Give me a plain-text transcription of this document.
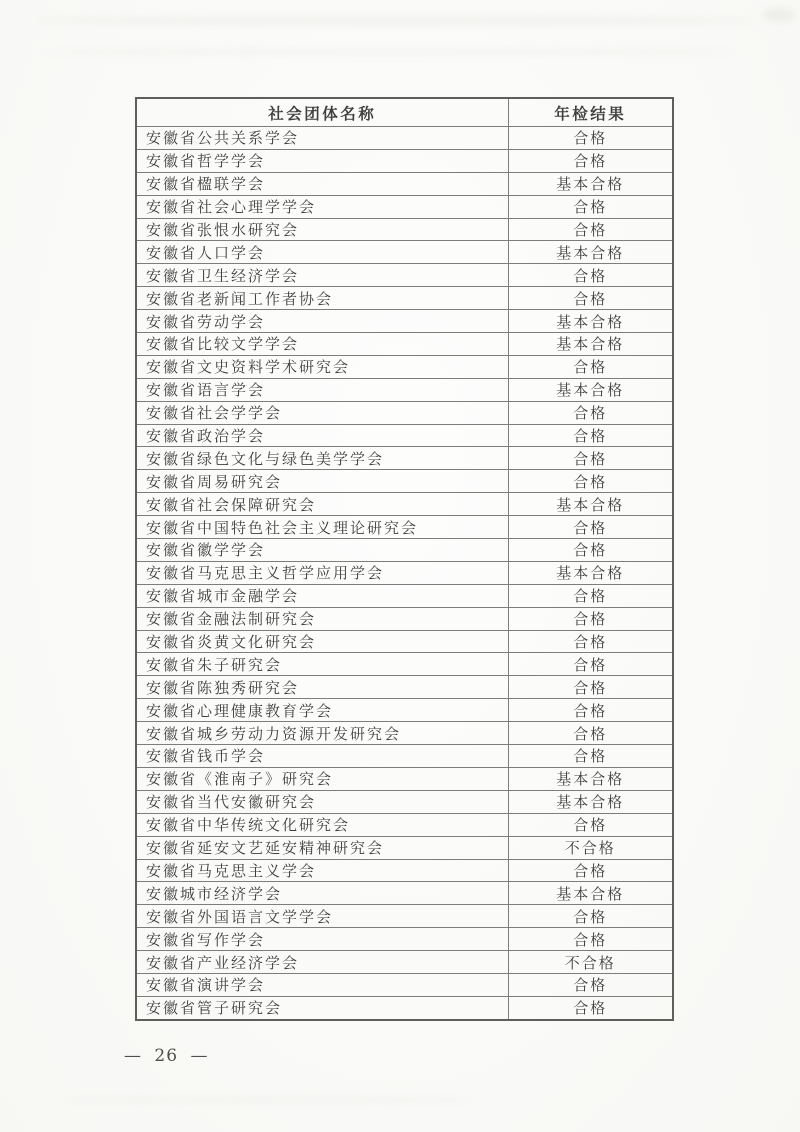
社会团体名称	年检结果
安徽省公共关系学会	合格
安徽省哲学学会	合格
安徽省楹联学会	基本合格
安徽省社会心理学学会	合格
安徽省张恨水研究会	合格
安徽省人口学会	基本合格
安徽省卫生经济学会	合格
安徽省老新闻工作者协会	合格
安徽省劳动学会	基本合格
安徽省比较文学学会	基本合格
安徽省文史资料学术研究会	合格
安徽省语言学会	基本合格
安徽省社会学学会	合格
安徽省政治学会	合格
安徽省绿色文化与绿色美学学会	合格
安徽省周易研究会	合格
安徽省社会保障研究会	基本合格
安徽省中国特色社会主义理论研究会	合格
安徽省徽学学会	合格
安徽省马克思主义哲学应用学会	基本合格
安徽省城市金融学会	合格
安徽省金融法制研究会	合格
安徽省炎黄文化研究会	合格
安徽省朱子研究会	合格
安徽省陈独秀研究会	合格
安徽省心理健康教育学会	合格
安徽省城乡劳动力资源开发研究会	合格
安徽省钱币学会	合格
安徽省《淮南子》研究会	基本合格
安徽省当代安徽研究会	基本合格
安徽省中华传统文化研究会	合格
安徽省延安文艺延安精神研究会	不合格
安徽省马克思主义学会	合格
安徽城市经济学会	基本合格
安徽省外国语言文学学会	合格
安徽省写作学会	合格
安徽省产业经济学会	不合格
安徽省演讲学会	合格
安徽省管子研究会	合格
— 26 —
